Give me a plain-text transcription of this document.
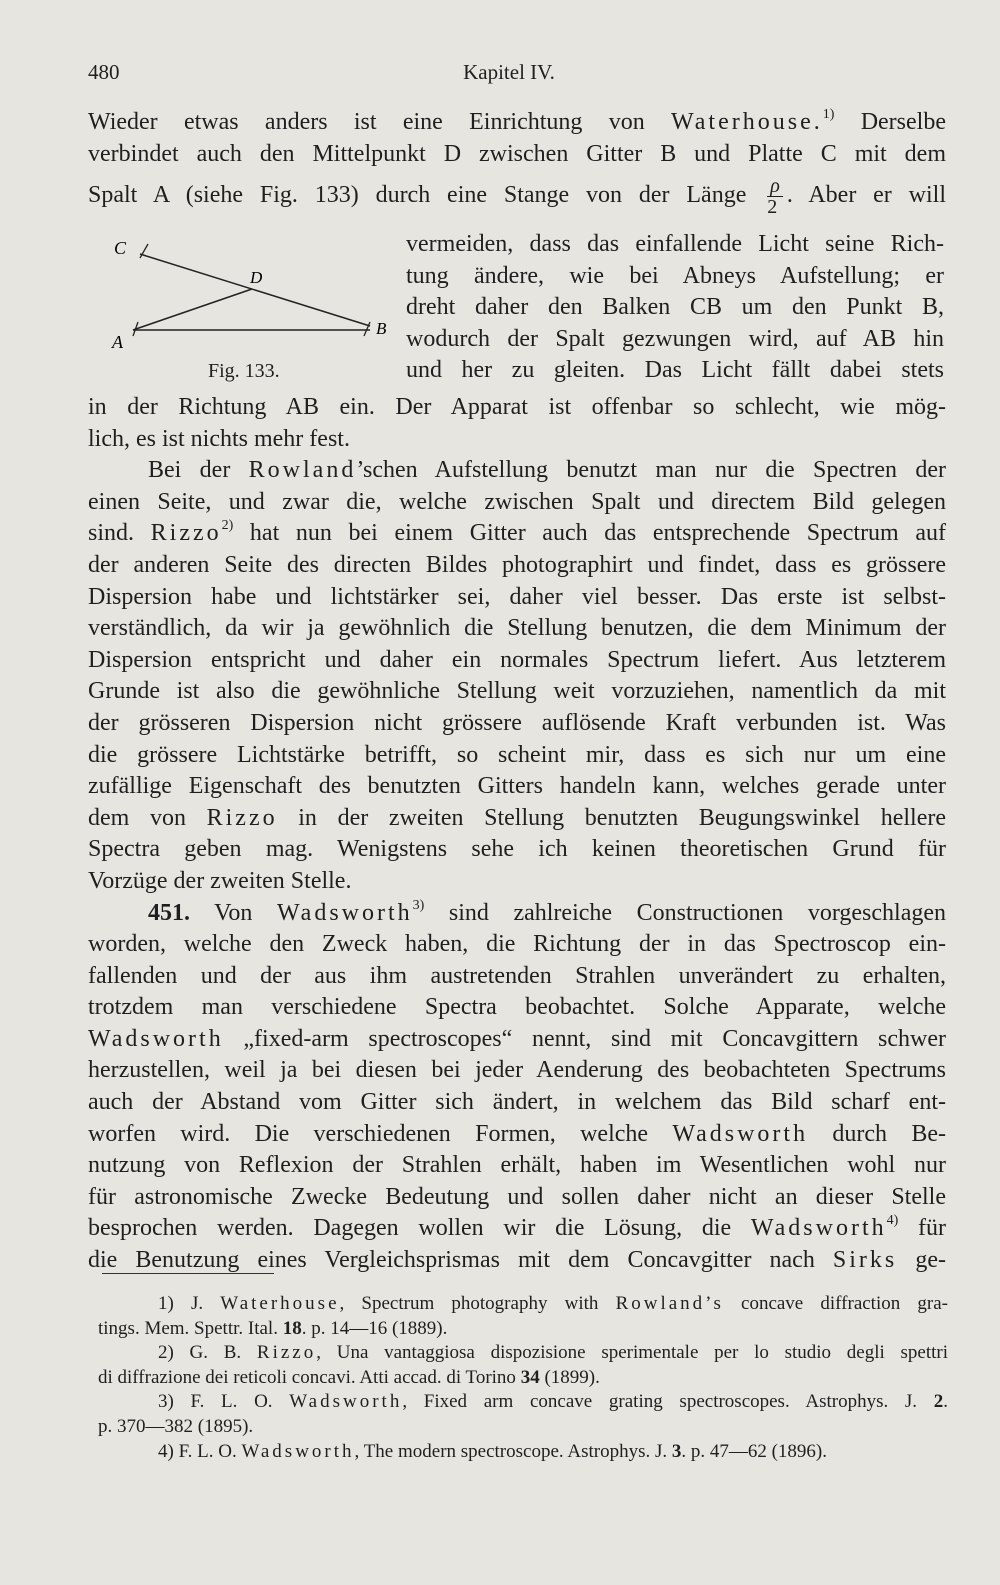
480	Kapitel IV.
Wieder etwas anders ist eine Einrichtung von Waterhouse.$^{1)}$ Derselbe
verbindet auch den Mittelpunkt D zwischen Gitter B und Platte C mit dem
Spalt A (siehe Fig. 133) durch eine Stange von der Länge $\frac{\rho}{2}$ . Aber er will
C
D
A
B
Fig. 133.
vermeiden, dass das einfallende Licht seine Rich-
tung ändere, wie bei Abneys Aufstellung; er
dreht daher den Balken CB um den Punkt B,
wodurch der Spalt gezwungen wird, auf AB hin
und her zu gleiten. Das Licht fällt dabei stets
in der Richtung AB ein. Der Apparat ist offenbar so schlecht, wie mög-
lich, es ist nichts mehr fest.
Bei der Rowland’schen Aufstellung benutzt man nur die Spectren der
einen Seite, und zwar die, welche zwischen Spalt und directem Bild gelegen
sind. Rizzo$^{2)}$ hat nun bei einem Gitter auch das entsprechende Spectrum auf
der anderen Seite des directen Bildes photographirt und findet, dass es grössere
Dispersion habe und lichtstärker sei, daher viel besser. Das erste ist selbst-
verständlich, da wir ja gewöhnlich die Stellung benutzen, die dem Minimum der
Dispersion entspricht und daher ein normales Spectrum liefert. Aus letzterem
Grunde ist also die gewöhnliche Stellung weit vorzuziehen, namentlich da mit
der grösseren Dispersion nicht grössere auflösende Kraft verbunden ist. Was
die grössere Lichtstärke betrifft, so scheint mir, dass es sich nur um eine
zufällige Eigenschaft des benutzten Gitters handeln kann, welches gerade unter
dem von Rizzo in der zweiten Stellung benutzten Beugungswinkel hellere
Spectra geben mag. Wenigstens sehe ich keinen theoretischen Grund für
Vorzüge der zweiten Stelle.
451. Von Wadsworth$^{3)}$ sind zahlreiche Constructionen vorgeschlagen
worden, welche den Zweck haben, die Richtung der in das Spectroscop ein-
fallenden und der aus ihm austretenden Strahlen unverändert zu erhalten,
trotzdem man verschiedene Spectra beobachtet. Solche Apparate, welche
Wadsworth „fixed-arm spectroscopes“ nennt, sind mit Concavgittern schwer
herzustellen, weil ja bei diesen bei jeder Aenderung des beobachteten Spectrums
auch der Abstand vom Gitter sich ändert, in welchem das Bild scharf ent-
worfen wird. Die verschiedenen Formen, welche Wadsworth durch Be-
nutzung von Reflexion der Strahlen erhält, haben im Wesentlichen wohl nur
für astronomische Zwecke Bedeutung und sollen daher nicht an dieser Stelle
besprochen werden. Dagegen wollen wir die Lösung, die Wadsworth$^{4)}$ für
die Benutzung eines Vergleichsprismas mit dem Concavgitter nach Sirks ge-
1) J. Waterhouse, Spectrum photography with Rowland’s concave diffraction gra-
tings. Mem. Spettr. Ital. 18. p. 14—16 (1889).
2) G. B. Rizzo, Una vantaggiosa dispozisione sperimentale per lo studio degli spettri
di diffrazione dei reticoli concavi. Atti accad. di Torino 34 (1899).
3) F. L. O. Wadsworth, Fixed arm concave grating spectroscopes. Astrophys. J. 2.
p. 370—382 (1895).
4) F. L. O. Wadsworth, The modern spectroscope. Astrophys. J. 3. p. 47—62 (1896).
